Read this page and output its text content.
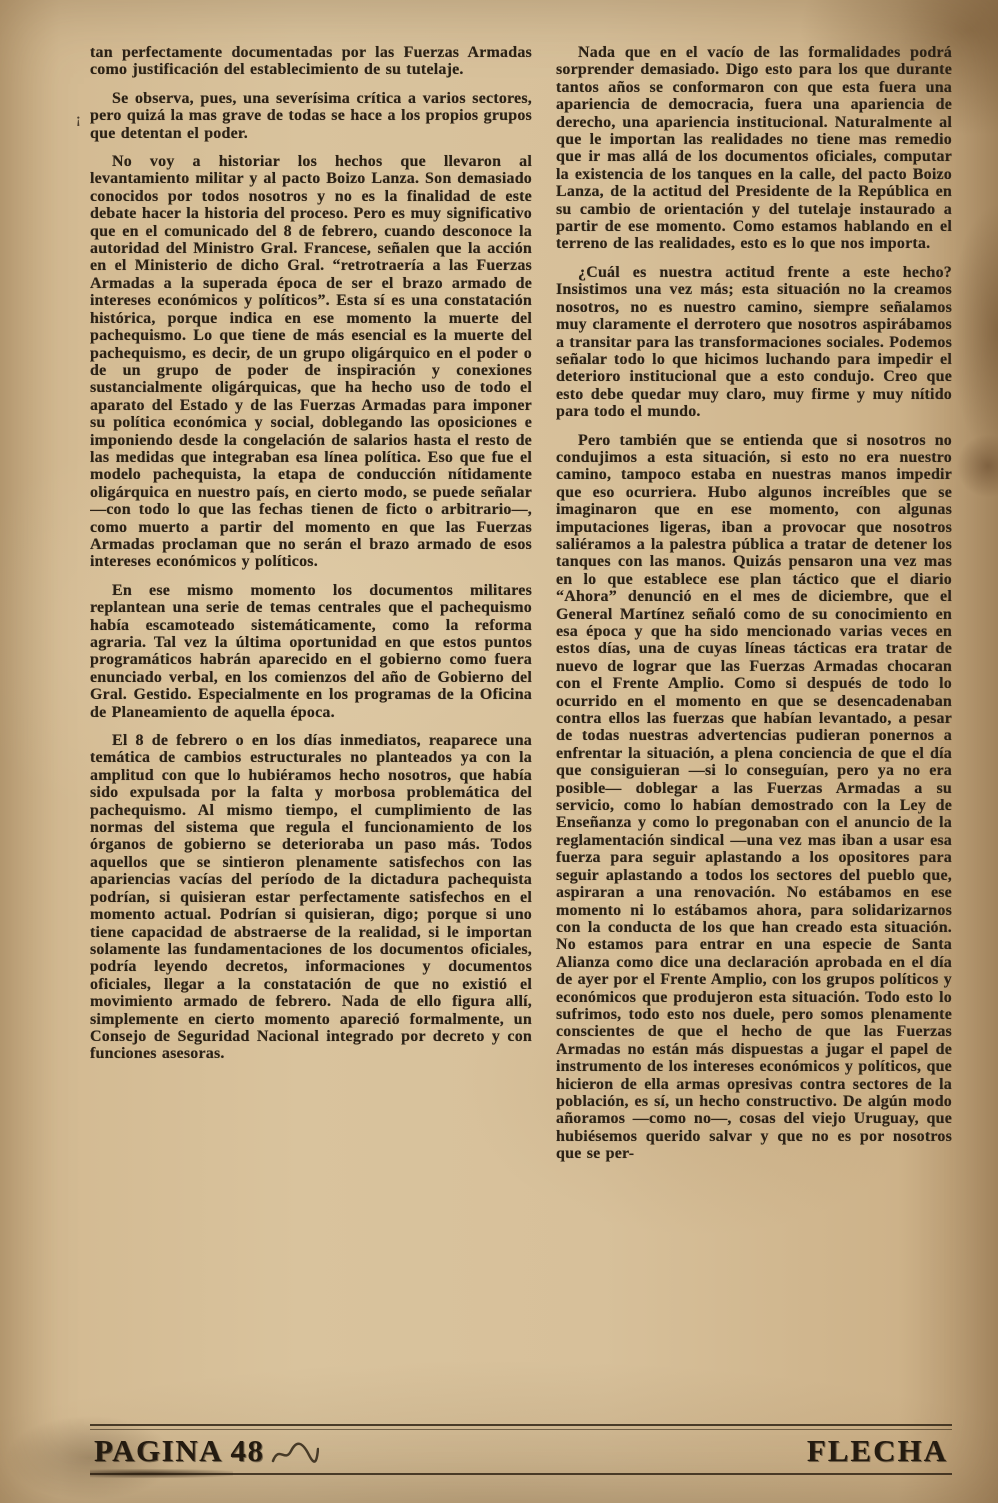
tan perfectamente documentadas por las Fuerzas Armadas como justificación del establecimiento de su tutelaje.

Se observa, pues, una severísima crítica a varios sectores, pero quizá la mas grave de todas se hace a los propios grupos que detentan el poder.

No voy a historiar los hechos que llevaron al levantamiento militar y al pacto Boizo Lanza. Son demasiado conocidos por todos nosotros y no es la finalidad de este debate hacer la historia del proceso. Pero es muy significativo que en el comunicado del 8 de febrero, cuando desconoce la autoridad del Ministro Gral. Francese, señalen que la acción en el Ministerio de dicho Gral. “retrotraería a las Fuerzas Armadas a la superada época de ser el brazo armado de intereses económicos y políticos”. Esta sí es una constatación histórica, porque indica en ese momento la muerte del pachequismo. Lo que tiene de más esencial es la muerte del pachequismo, es decir, de un grupo oligárquico en el poder o de un grupo de poder de inspiración y conexiones sustancialmente oligárquicas, que ha hecho uso de todo el aparato del Estado y de las Fuerzas Armadas para imponer su política económica y social, doblegando las oposiciones e imponiendo desde la congelación de salarios hasta el resto de las medidas que integraban esa línea política. Eso que fue el modelo pachequista, la etapa de conducción nítidamente oligárquica en nuestro país, en cierto modo, se puede señalar —con todo lo que las fechas tienen de ficto o arbitrario—, como muerto a partir del momento en que las Fuerzas Armadas proclaman que no serán el brazo armado de esos intereses económicos y políticos.

En ese mismo momento los documentos militares replantean una serie de temas centrales que el pachequismo había escamoteado sistemáticamente, como la reforma agraria. Tal vez la última oportunidad en que estos puntos programáticos habrán aparecido en el gobierno como fuera enunciado verbal, en los comienzos del año de Gobierno del Gral. Gestido. Especialmente en los programas de la Oficina de Planeamiento de aquella época.

El 8 de febrero o en los días inmediatos, reaparece una temática de cambios estructurales no planteados ya con la amplitud con que lo hubiéramos hecho nosotros, que había sido expulsada por la falta y morbosa problemática del pachequismo. Al mismo tiempo, el cumplimiento de las normas del sistema que regula el funcionamiento de los órganos de gobierno se deterioraba un paso más. Todos aquellos que se sintieron plenamente satisfechos con las apariencias vacías del período de la dictadura pachequista podrían, si quisieran estar perfectamente satisfechos en el momento actual. Podrían si quisieran, digo; porque si uno tiene capacidad de abstraerse de la realidad, si le importan solamente las fundamentaciones de los documentos oficiales, podría leyendo decretos, informaciones y documentos oficiales, llegar a la constatación de que no existió el movimiento armado de febrero. Nada de ello figura allí, simplemente en cierto momento apareció formalmente, un Consejo de Seguridad Nacional integrado por decreto y con funciones asesoras.

Nada que en el vacío de las formalidades podrá sorprender demasiado. Digo esto para los que durante tantos años se conformaron con que esta fuera una apariencia de democracia, fuera una apariencia de derecho, una apariencia institucional. Naturalmente al que le importan las realidades no tiene mas remedio que ir mas allá de los documentos oficiales, computar la existencia de los tanques en la calle, del pacto Boizo Lanza, de la actitud del Presidente de la República en su cambio de orientación y del tutelaje instaurado a partir de ese momento. Como estamos hablando en el terreno de las realidades, esto es lo que nos importa.

¿Cuál es nuestra actitud frente a este hecho? Insistimos una vez más; esta situación no la creamos nosotros, no es nuestro camino, siempre señalamos muy claramente el derrotero que nosotros aspirábamos a transitar para las transformaciones sociales. Podemos señalar todo lo que hicimos luchando para impedir el deterioro institucional que a esto condujo. Creo que esto debe quedar muy claro, muy firme y muy nítido para todo el mundo.

Pero también que se entienda que si nosotros no condujimos a esta situación, si esto no era nuestro camino, tampoco estaba en nuestras manos impedir que eso ocurriera. Hubo algunos increíbles que se imaginaron que en ese momento, con algunas imputaciones ligeras, iban a provocar que nosotros saliéramos a la palestra pública a tratar de detener los tanques con las manos. Quizás pensaron una vez mas en lo que establece ese plan táctico que el diario “Ahora” denunció en el mes de diciembre, que el General Martínez señaló como de su conocimiento en esa época y que ha sido mencionado varias veces en estos días, una de cuyas líneas tácticas era tratar de nuevo de lograr que las Fuerzas Armadas chocaran con el Frente Amplio. Como si después de todo lo ocurrido en el momento en que se desencadenaban contra ellos las fuerzas que habían levantado, a pesar de todas nuestras advertencias pudieran ponernos a enfrentar la situación, a plena conciencia de que el día que consiguieran —si lo conseguían, pero ya no era posible— doblegar a las Fuerzas Armadas a su servicio, como lo habían demostrado con la Ley de Enseñanza y como lo pregonaban con el anuncio de la reglamentación sindical —una vez mas iban a usar esa fuerza para seguir aplastando a los opositores para seguir aplastando a todos los sectores del pueblo que, aspiraran a una renovación. No estábamos en ese momento ni lo estábamos ahora, para solidarizarnos con la conducta de los que han creado esta situación. No estamos para entrar en una especie de Santa Alianza como dice una declaración aprobada en el día de ayer por el Frente Amplio, con los grupos políticos y económicos que produjeron esta situación. Todo esto lo sufrimos, todo esto nos duele, pero somos plenamente conscientes de que el hecho de que las Fuerzas Armadas no están más dispuestas a jugar el papel de instrumento de los intereses económicos y políticos, que hicieron de ella armas opresivas contra sectores de la población, es sí, un hecho constructivo. De algún modo añoramos —como no—, cosas del viejo Uruguay, que hubiésemos querido salvar y que no es por nosotros que se per-

PAGINA 48	FLECHA
¡
